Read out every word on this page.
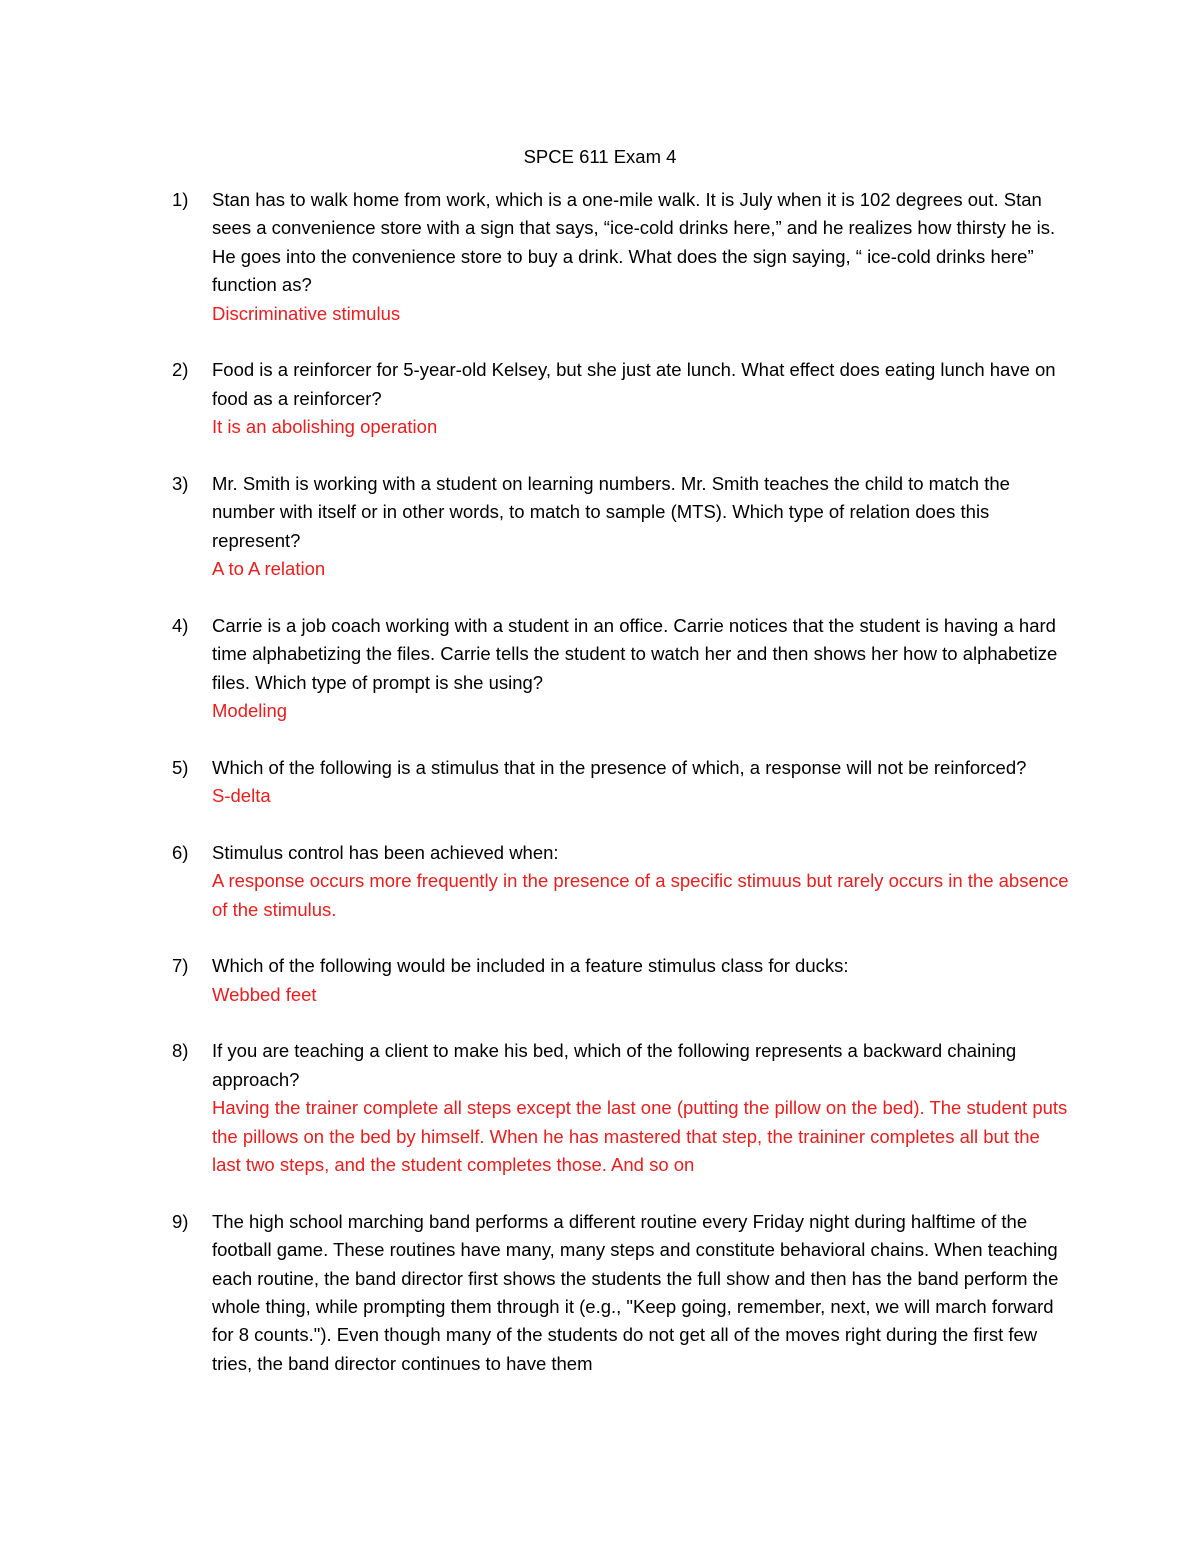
SPCE 611 Exam 4
1)	Stan has to walk home from work, which is a one-mile walk. It is July when it is 102 degrees out. Stan sees a convenience store with a sign that says, “ice-cold drinks here,” and he realizes how thirsty he is. He goes into the convenience store to buy a drink. What does the sign saying, “ ice-cold drinks here” function as?
Discriminative stimulus
2)	Food is a reinforcer for 5-year-old Kelsey, but she just ate lunch. What effect does eating lunch have on food as a reinforcer?
It is an abolishing operation
3)	Mr. Smith is working with a student on learning numbers. Mr. Smith teaches the child to match the number with itself or in other words, to match to sample (MTS). Which type of relation does this represent?
A to A relation
4)	Carrie is a job coach working with a student in an office. Carrie notices that the student is having a hard time alphabetizing the files. Carrie tells the student to watch her and then shows her how to alphabetize files. Which type of prompt is she using?
Modeling
5)	Which of the following is a stimulus that in the presence of which, a response will not be reinforced?
S-delta
6)	Stimulus control has been achieved when:
A response occurs more frequently in the presence of a specific stimuus but rarely occurs in the absence of the stimulus.
7)	Which of the following would be included in a feature stimulus class for ducks:
Webbed feet
8)	If you are teaching a client to make his bed, which of the following represents a backward chaining approach?
Having the trainer complete all steps except the last one (putting the pillow on the bed). The student puts the pillows on the bed by himself. When he has mastered that step, the traininer completes all but the last two steps, and the student completes those. And so on
9)	The high school marching band performs a different routine every Friday night during halftime of the football game. These routines have many, many steps and constitute behavioral chains. When teaching each routine, the band director first shows the students the full show and then has the band perform the whole thing, while prompting them through it (e.g., "Keep going, remember, next, we will march forward for 8 counts."). Even though many of the students do not get all of the moves right during the first few tries, the band director continues to have them
